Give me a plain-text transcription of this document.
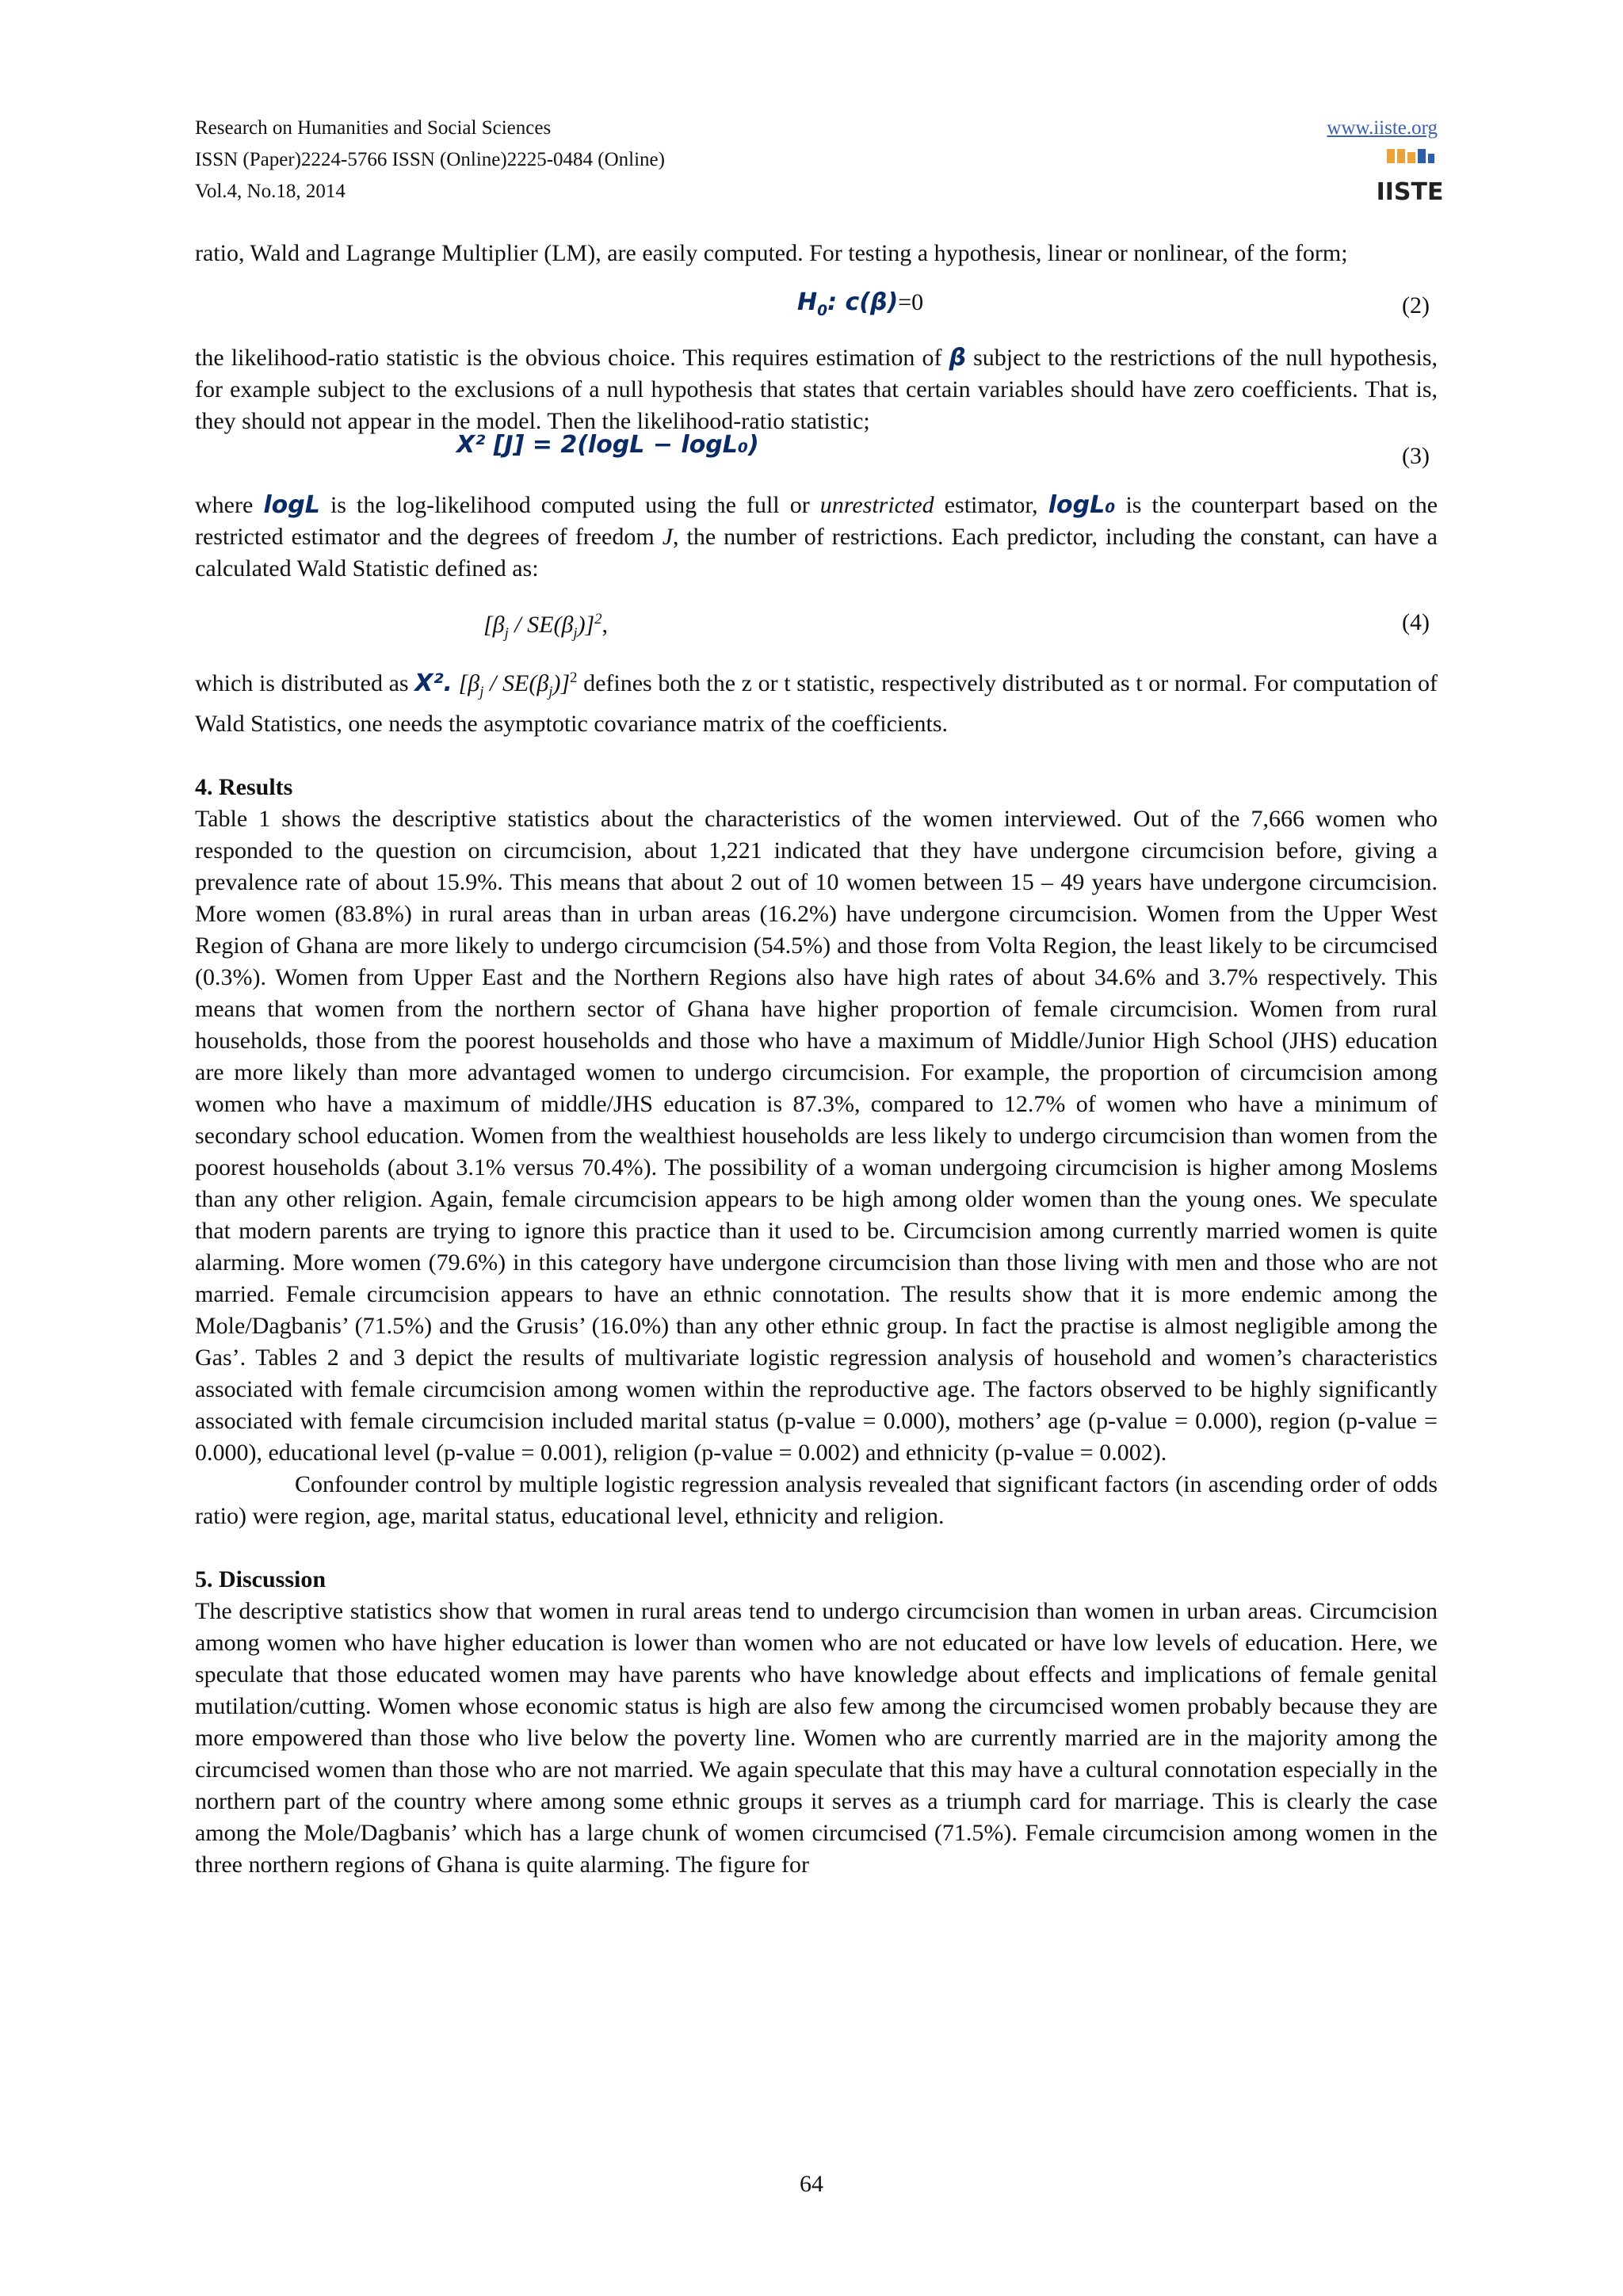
Research on Humanities and Social Sciences
ISSN (Paper)2224-5766 ISSN (Online)2225-0484 (Online)
Vol.4, No.18, 2014
www.iiste.org
IISTE

ratio, Wald and Lagrange Multiplier (LM), are easily computed. For testing a hypothesis, linear or nonlinear, of the form;

$H_0$: c(β)=0	(2)

the likelihood-ratio statistic is the obvious choice. This requires estimation of β subject to the restrictions of the null hypothesis, for example subject to the exclusions of a null hypothesis that states that certain variables should have zero coefficients. That is, they should not appear in the model. Then the likelihood-ratio statistic;

X² [J] = 2(logL − logL₀)	(3)

where logL is the log-likelihood computed using the full or unrestricted estimator, logL₀ is the counterpart based on the restricted estimator and the degrees of freedom J, the number of restrictions. Each predictor, including the constant, can have a calculated Wald Statistic defined as:

$[\beta_j / SE(\beta_j)]^2$,	(4)

which is distributed as X². $[\beta_j / SE(\beta_j)]^2$ defines both the z or t statistic, respectively distributed as t or normal. For computation of Wald Statistics, one needs the asymptotic covariance matrix of the coefficients.

4. Results

Table 1 shows the descriptive statistics about the characteristics of the women interviewed. Out of the 7,666 women who responded to the question on circumcision, about 1,221 indicated that they have undergone circumcision before, giving a prevalence rate of about 15.9%. This means that about 2 out of 10 women between 15 – 49 years have undergone circumcision. More women (83.8%) in rural areas than in urban areas (16.2%) have undergone circumcision. Women from the Upper West Region of Ghana are more likely to undergo circumcision (54.5%) and those from Volta Region, the least likely to be circumcised (0.3%). Women from Upper East and the Northern Regions also have high rates of about 34.6% and 3.7% respectively. This means that women from the northern sector of Ghana have higher proportion of female circumcision. Women from rural households, those from the poorest households and those who have a maximum of Middle/Junior High School (JHS) education are more likely than more advantaged women to undergo circumcision. For example, the proportion of circumcision among women who have a maximum of middle/JHS education is 87.3%, compared to 12.7% of women who have a minimum of secondary school education. Women from the wealthiest households are less likely to undergo circumcision than women from the poorest households (about 3.1% versus 70.4%). The possibility of a woman undergoing circumcision is higher among Moslems than any other religion. Again, female circumcision appears to be high among older women than the young ones. We speculate that modern parents are trying to ignore this practice than it used to be. Circumcision among currently married women is quite alarming. More women (79.6%) in this category have undergone circumcision than those living with men and those who are not married. Female circumcision appears to have an ethnic connotation. The results show that it is more endemic among the Mole/Dagbanis’ (71.5%) and the Grusis’ (16.0%) than any other ethnic group. In fact the practise is almost negligible among the Gas’. Tables 2 and 3 depict the results of multivariate logistic regression analysis of household and women’s characteristics associated with female circumcision among women within the reproductive age. The factors observed to be highly significantly associated with female circumcision included marital status (p-value = 0.000), mothers’ age (p-value = 0.000), region (p-value = 0.000), educational level (p-value = 0.001), religion (p-value = 0.002) and ethnicity (p-value = 0.002).

Confounder control by multiple logistic regression analysis revealed that significant factors (in ascending order of odds ratio) were region, age, marital status, educational level, ethnicity and religion.

5. Discussion

The descriptive statistics show that women in rural areas tend to undergo circumcision than women in urban areas. Circumcision among women who have higher education is lower than women who are not educated or have low levels of education. Here, we speculate that those educated women may have parents who have knowledge about effects and implications of female genital mutilation/cutting. Women whose economic status is high are also few among the circumcised women probably because they are more empowered than those who live below the poverty line. Women who are currently married are in the majority among the circumcised women than those who are not married. We again speculate that this may have a cultural connotation especially in the northern part of the country where among some ethnic groups it serves as a triumph card for marriage. This is clearly the case among the Mole/Dagbanis’ which has a large chunk of women circumcised (71.5%). Female circumcision among women in the three northern regions of Ghana is quite alarming. The figure for

64
